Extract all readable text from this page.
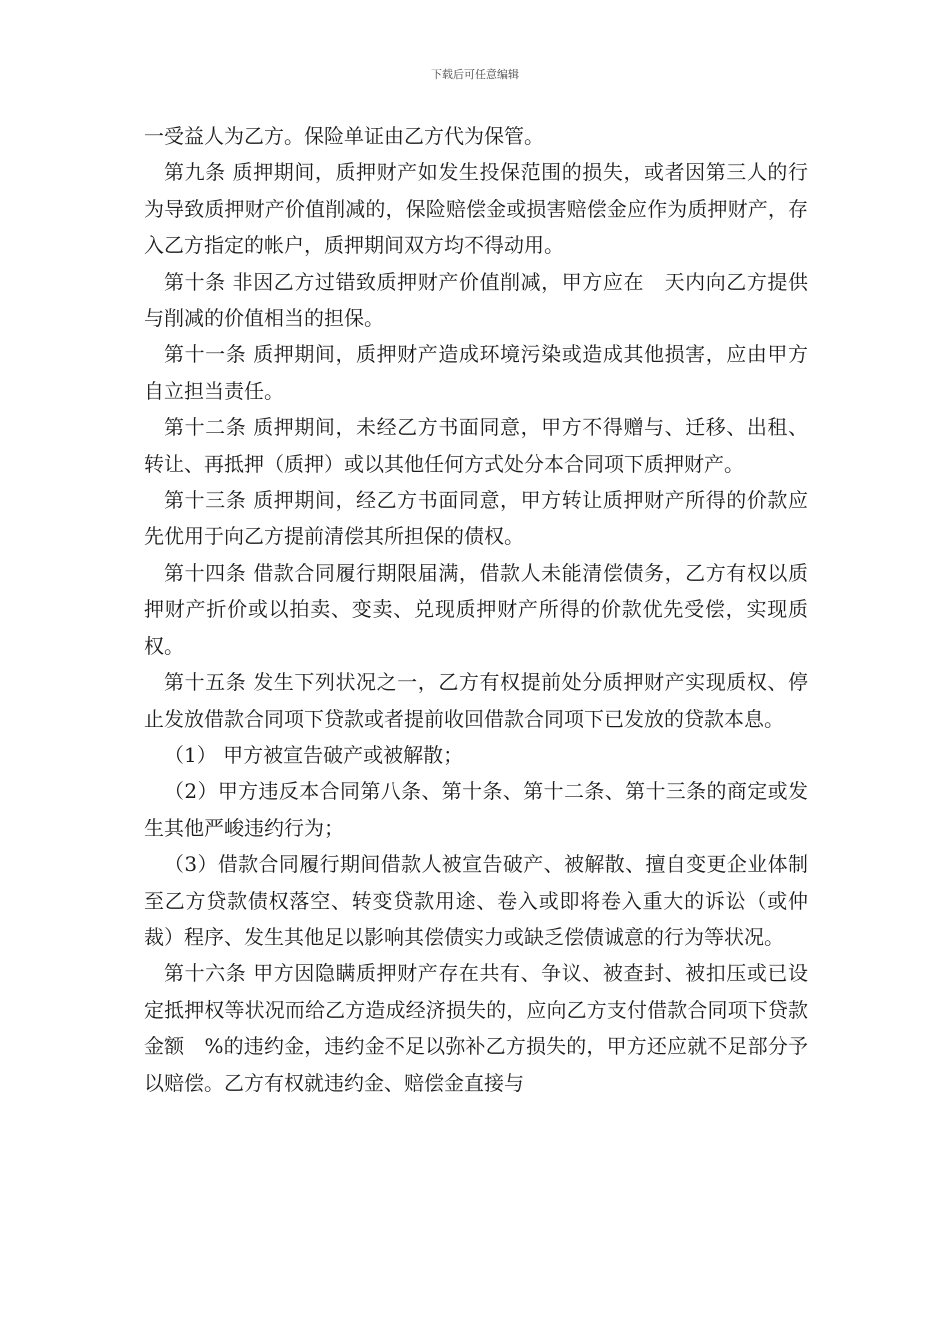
下载后可任意编辑

一受益人为乙方。保险单证由乙方代为保管。

第九条 质押期间，质押财产如发生投保范围的损失，或者因第三人的行为导致质押财产价值削减的，保险赔偿金或损害赔偿金应作为质押财产，存入乙方指定的帐户，质押期间双方均不得动用。

第十条 非因乙方过错致质押财产价值削减，甲方应在　天内向乙方提供与削减的价值相当的担保。

第十一条 质押期间，质押财产造成环境污染或造成其他损害，应由甲方自立担当责任。

第十二条 质押期间，未经乙方书面同意，甲方不得赠与、迁移、出租、转让、再抵押（质押）或以其他任何方式处分本合同项下质押财产。

第十三条 质押期间，经乙方书面同意，甲方转让质押财产所得的价款应先优用于向乙方提前清偿其所担保的债权。

第十四条 借款合同履行期限届满，借款人未能清偿债务，乙方有权以质押财产折价或以拍卖、变卖、兑现质押财产所得的价款优先受偿，实现质权。

第十五条 发生下列状况之一，乙方有权提前处分质押财产实现质权、停止发放借款合同项下贷款或者提前收回借款合同项下已发放的贷款本息。

（1） 甲方被宣告破产或被解散；

（2）甲方违反本合同第八条、第十条、第十二条、第十三条的商定或发生其他严峻违约行为；

（3）借款合同履行期间借款人被宣告破产、被解散、擅自变更企业体制至乙方贷款债权落空、转变贷款用途、卷入或即将卷入重大的诉讼（或仲裁）程序、发生其他足以影响其偿债实力或缺乏偿债诚意的行为等状况。

第十六条 甲方因隐瞒质押财产存在共有、争议、被查封、被扣压或已设定抵押权等状况而给乙方造成经济损失的，应向乙方支付借款合同项下贷款金额　%的违约金，违约金不足以弥补乙方损失的，甲方还应就不足部分予以赔偿。乙方有权就违约金、赔偿金直接与
